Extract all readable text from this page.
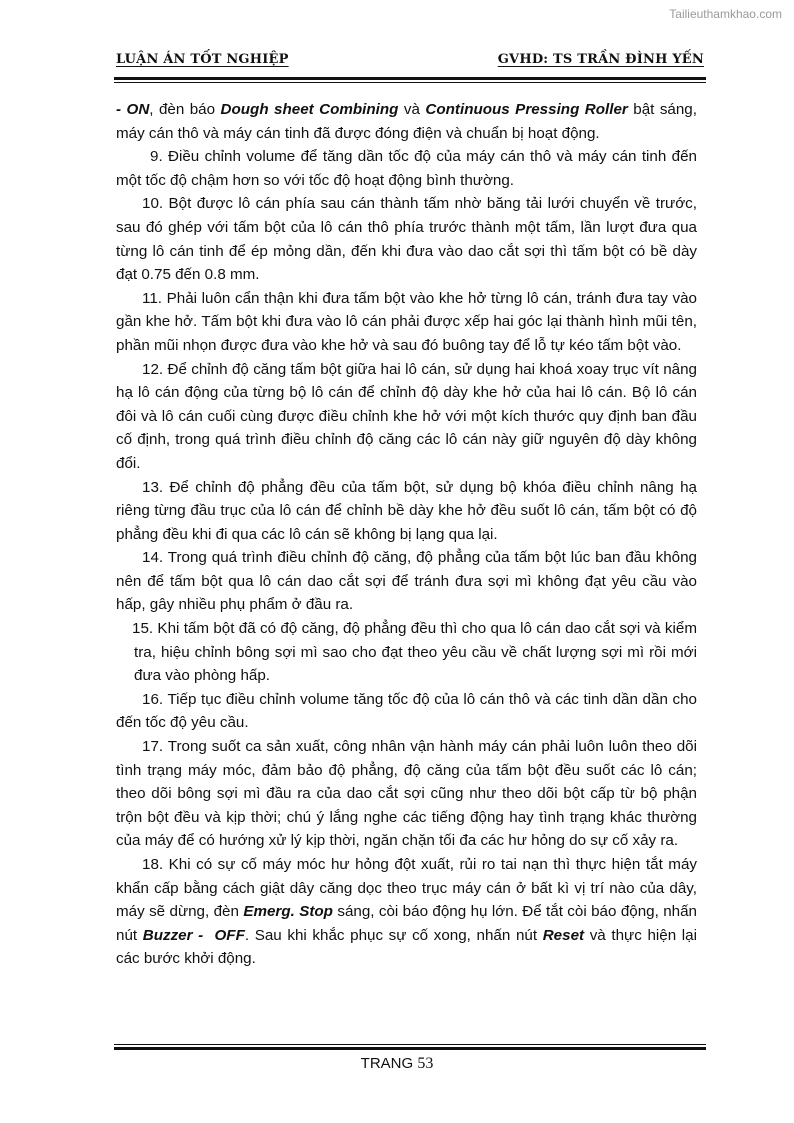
Tailieuthamkhao.com
LUẬN ÁN TỐT NGHIỆP	GVHD: TS TRẦN ĐÌNH YẾN

- ON, đèn báo Dough sheet Combining và Continuous Pressing Roller bật sáng, máy cán thô và máy cán tinh đã được đóng điện và chuẩn bị hoạt động.

9. Điều chỉnh volume để tăng dần tốc độ của máy cán thô và máy cán tinh đến một tốc độ chậm hơn so với tốc độ hoạt động bình thường.

10. Bột được lô cán phía sau cán thành tấm nhờ băng tải lưới chuyển về trước, sau đó ghép với tấm bột của lô cán thô phía trước thành một tấm, lần lượt đưa qua từng lô cán tinh để ép mỏng dần, đến khi đưa vào dao cắt sợi thì tấm bột có bề dày đạt 0.75 đến 0.8 mm.

11. Phải luôn cẩn thận khi đưa tấm bột vào khe hở từng lô cán, tránh đưa tay vào gần khe hở. Tấm bột khi đưa vào lô cán phải được xếp hai góc lại thành hình mũi tên, phần mũi nhọn được đưa vào khe hở và sau đó buông tay để lỗ tự kéo tấm bột vào.

12. Để chỉnh độ căng tấm bột giữa hai lô cán, sử dụng hai khoá xoay trục vít nâng hạ lô cán động của từng bộ lô cán để chỉnh độ dày khe hở của hai lô cán. Bộ lô cán đôi và lô cán cuối cùng được điều chỉnh khe hở với một kích thước quy định ban đầu cố định, trong quá trình điều chỉnh độ căng các lô cán này giữ nguyên độ dày không đổi.

13. Để chỉnh độ phẳng đều của tấm bột, sử dụng bộ khóa điều chỉnh nâng hạ riêng từng đầu trục của lô cán để chỉnh bề dày khe hở đều suốt lô cán, tấm bột có độ phẳng đều khi đi qua các lô cán sẽ không bị lạng qua lại.

14. Trong quá trình điều chỉnh độ căng, độ phẳng của tấm bột lúc ban đầu không nên để tấm bột qua lô cán dao cắt sợi để tránh đưa sợi mì không đạt yêu cầu vào hấp, gây nhiều phụ phẩm ở đầu ra.

15. Khi tấm bột đã có độ căng, độ phẳng đều thì cho qua lô cán dao cắt sợi và kiểm tra, hiệu chỉnh bông sợi mì sao cho đạt theo yêu cầu về chất lượng sợi mì rồi mới đưa vào phòng hấp.

16. Tiếp tục điều chỉnh volume tăng tốc độ của lô cán thô và các tinh dần dần cho đến tốc độ yêu cầu.

17. Trong suốt ca sản xuất, công nhân vận hành máy cán phải luôn luôn theo dõi tình trạng máy móc, đảm bảo độ phẳng, độ căng của tấm bột đều suốt các lô cán; theo dõi bông sợi mì đầu ra của dao cắt sợi cũng như theo dõi bột cấp từ bộ phận trộn bột đều và kịp thời; chú ý lắng nghe các tiếng động hay tình trạng khác thường của máy để có hướng xử lý kịp thời, ngăn chặn tối đa các hư hỏng do sự cố xảy ra.

18. Khi có sự cố máy móc hư hỏng đột xuất, rủi ro tai nạn thì thực hiện tắt máy khẩn cấp bằng cách giật dây căng dọc theo trục máy cán ở bất kì vị trí nào của dây, máy sẽ dừng, đèn Emerg. Stop sáng, còi báo động hụ lớn. Để tắt còi báo động, nhấn nút Buzzer -  OFF. Sau khi khắc phục sự cố xong, nhấn nút Reset và thực hiện lại các bước khởi động.

TRANG 53
